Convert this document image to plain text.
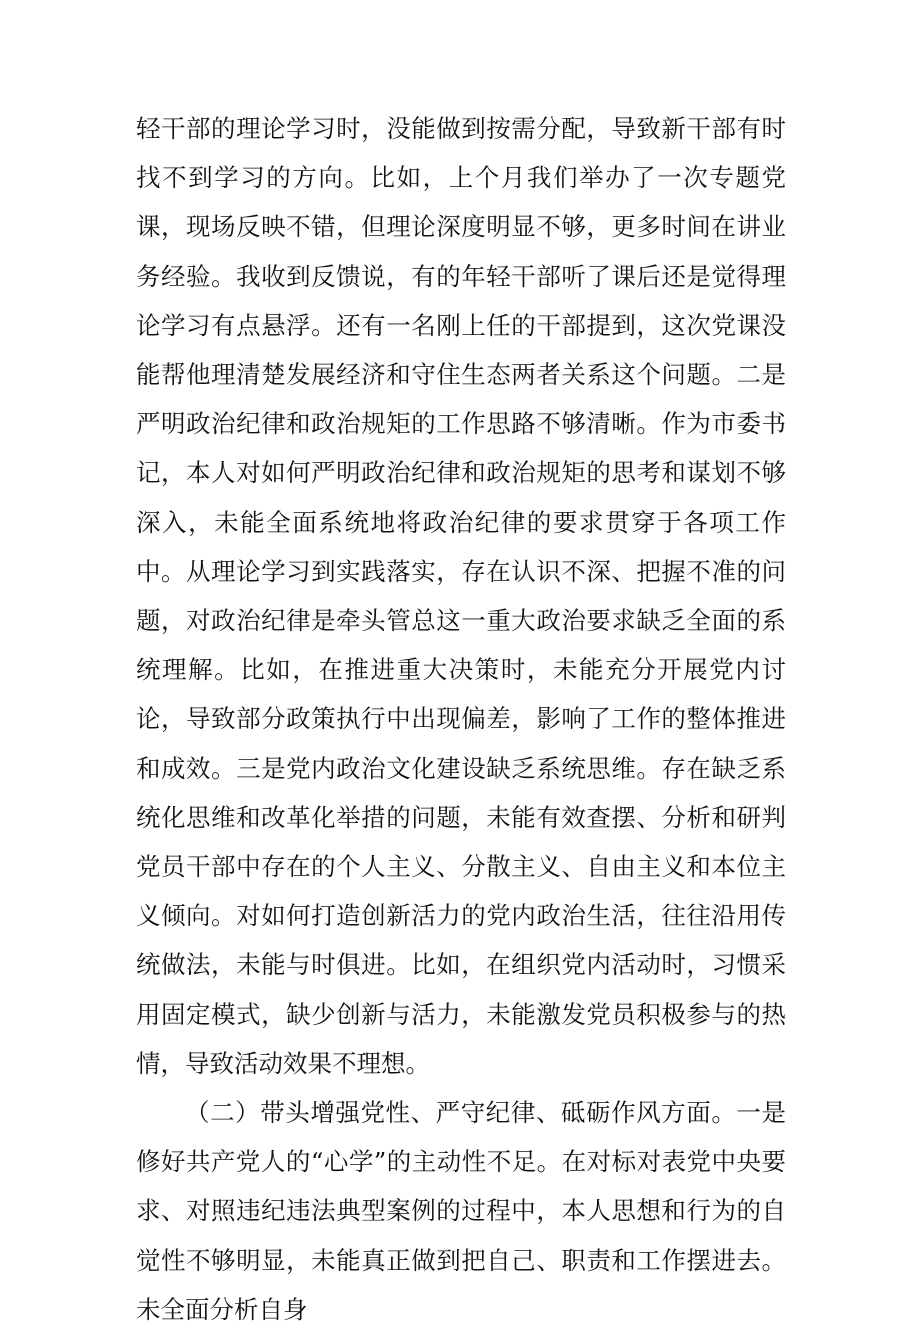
轻干部的理论学习时，没能做到按需分配，导致新干部有时找不到学习的方向。比如，上个月我们举办了一次专题党课，现场反映不错，但理论深度明显不够，更多时间在讲业务经验。我收到反馈说，有的年轻干部听了课后还是觉得理论学习有点悬浮。还有一名刚上任的干部提到，这次党课没能帮他理清楚发展经济和守住生态两者关系这个问题。二是严明政治纪律和政治规矩的工作思路不够清晰。作为市委书记，本人对如何严明政治纪律和政治规矩的思考和谋划不够深入，未能全面系统地将政治纪律的要求贯穿于各项工作中。从理论学习到实践落实，存在认识不深、把握不准的问题，对政治纪律是牵头管总这一重大政治要求缺乏全面的系统理解。比如，在推进重大决策时，未能充分开展党内讨论，导致部分政策执行中出现偏差，影响了工作的整体推进和成效。三是党内政治文化建设缺乏系统思维。存在缺乏系统化思维和改革化举措的问题，未能有效查摆、分析和研判党员干部中存在的个人主义、分散主义、自由主义和本位主义倾向。对如何打造创新活力的党内政治生活，往往沿用传统做法，未能与时俱进。比如，在组织党内活动时，习惯采用固定模式，缺少创新与活力，未能激发党员积极参与的热情，导致活动效果不理想。

（二）带头增强党性、严守纪律、砥砺作风方面。一是修好共产党人的“心学”的主动性不足。在对标对表党中央要求、对照违纪违法典型案例的过程中，本人思想和行为的自觉性不够明显，未能真正做到把自己、职责和工作摆进去。未全面分析自身
